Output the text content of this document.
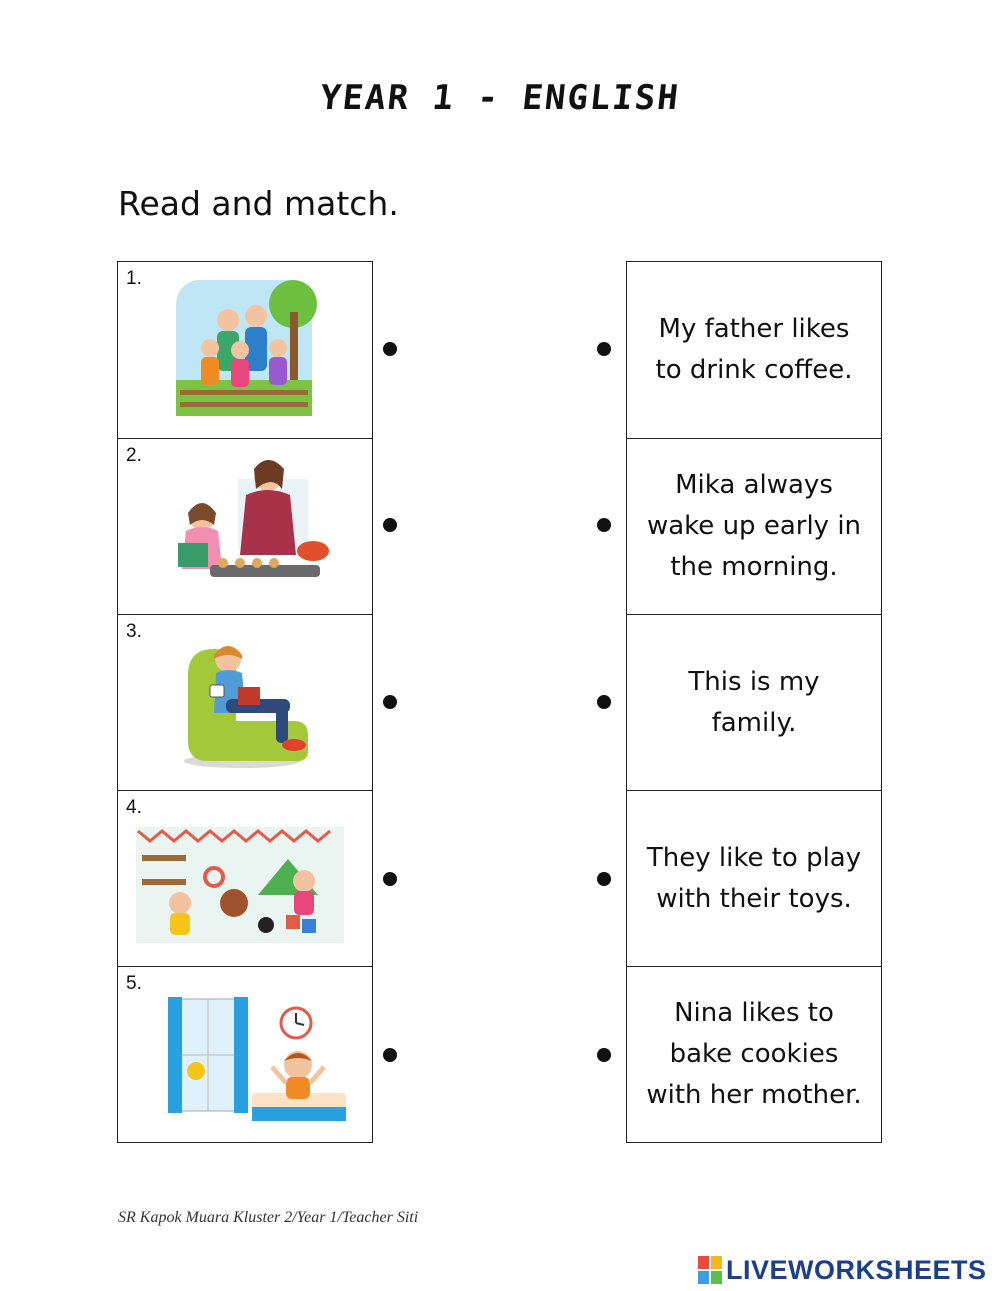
YEAR 1 - ENGLISH
Read and match.
1.
2.
3.
4.
5.
My father likes
to drink coffee.
Mika always
wake up early in
the morning.
This is my
family.
They like to play
with their toys.
Nina likes to
bake cookies
with her mother.
SR Kapok Muara Kluster 2/Year 1/Teacher Siti
LIVEWORKSHEETS
